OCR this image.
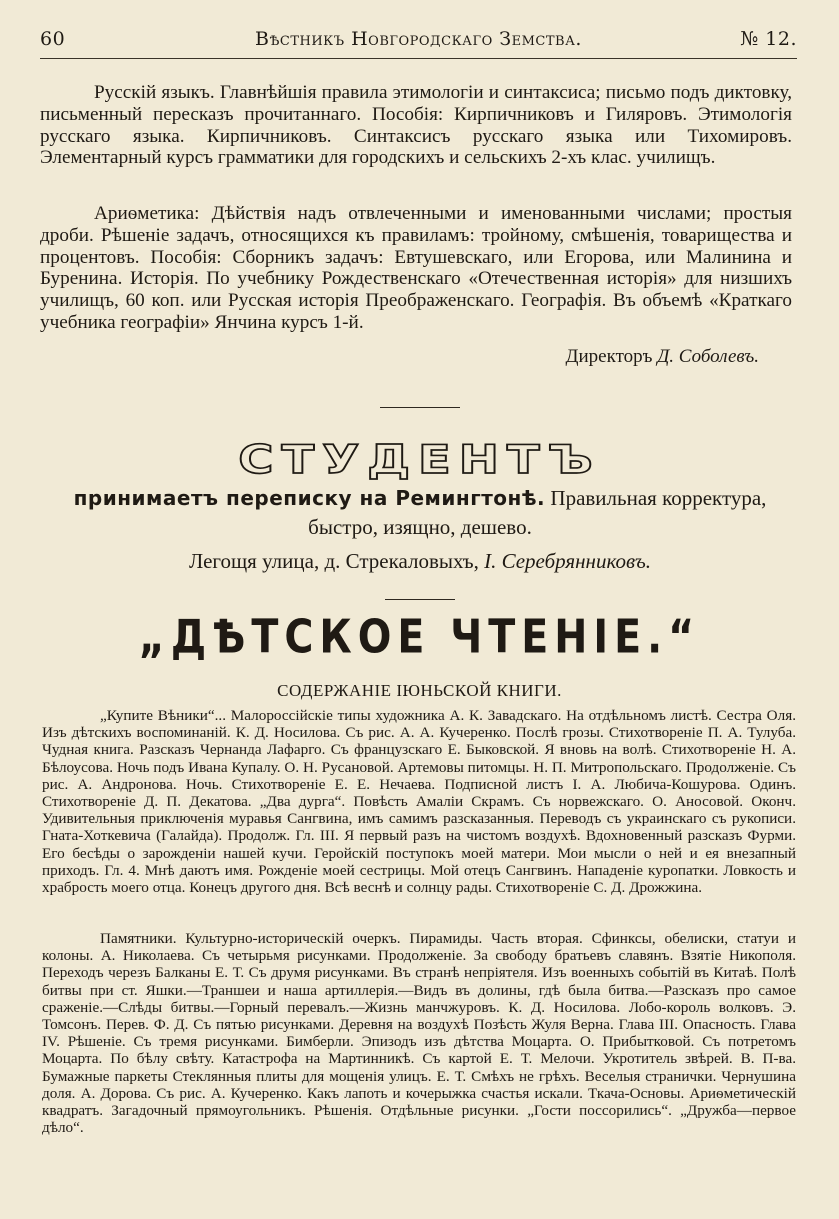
60	Вѣстникъ Новгородскаго Земства.	№ 12.
Русскій языкъ. Главнѣйшія правила этимологіи и синтаксиса; письмо подъ диктовку, письменный пересказъ прочитаннаго. Пособія: Кирпичниковъ и Гиляровъ. Этимологія русскаго языка. Кирпичниковъ. Синтаксисъ русскаго языка или Тихомировъ. Элементарный курсъ грамматики для городскихъ и сельскихъ 2-хъ клас. училищъ.
Ариѳметика: Дѣйствія надъ отвлеченными и именованными числами; простыя дроби. Рѣшеніе задачъ, относящихся къ правиламъ: тройному, смѣшенія, товарищества и процентовъ. Пособія: Сборникъ задачъ: Евтушевскаго, или Егорова, или Малинина и Буренина. Исторія. По учебнику Рождественскаго «Отечественная исторія» для низшихъ училищъ, 60 коп. или Русская исторія Преображенскаго. Географія. Въ объемѣ «Краткаго учебника географіи» Янчина курсъ 1-й.
Директоръ Д. Соболевъ.
СТУДЕНТЪ
принимаетъ переписку на Ремингтонѣ. Правильная корректура,
быстро, изящно, дешево.
Легощя улица, д. Стрекаловыхъ, I. Серебрянниковъ.
„ДѢТСКОЕ ЧТЕНІЕ.“
СОДЕРЖАНІЕ ІЮНЬСКОЙ КНИГИ.
„Купите Вѣники“... Малороссійскіе типы художника А. К. Завадскаго. На отдѣльномъ листѣ. Сестра Оля. Изъ дѣтскихъ воспоминаній. К. Д. Носилова. Съ рис. А. А. Кучеренко. Послѣ грозы. Стихотвореніе П. А. Тулуба. Чудная книга. Разсказъ Чернанда Лафарго. Съ французскаго Е. Быковской. Я вновь на волѣ. Стихотвореніе Н. А. Бѣлоусова. Ночь подъ Ивана Купалу. О. Н. Русановой. Артемовы питомцы. Н. П. Митропольскаго. Продолженіе. Съ рис. А. Андронова. Ночь. Стихотвореніе Е. Е. Нечаева. Подписной листъ І. А. Любича-Кошурова. Одинъ. Стихотвореніе Д. П. Декатова. „Два дурга“. Повѣсть Амаліи Скрамъ. Съ норвежскаго. О. Аносовой. Оконч. Удивительныя приключенія муравья Сангвина, имъ самимъ разсказанныя. Переводъ съ украинскаго съ рукописи. Гната-Хоткевича (Галайда). Продолж. Гл. III. Я первый разъ на чистомъ воздухѣ. Вдохновенный разсказъ Фурми. Его бесѣды о зарожденіи нашей кучи. Геройскій поступокъ моей матери. Мои мысли о ней и ея внезапный приходъ. Гл. 4. Мнѣ даютъ имя. Рожденіе моей сестрицы. Мой отецъ Сангвинъ. Нападеніе куропатки. Ловкость и храбрость моего отца. Конецъ другого дня. Всѣ веснѣ и солнцу рады. Стихотвореніе С. Д. Дрожжина.
Памятники. Культурно-историческій очеркъ. Пирамиды. Часть вторая. Сфинксы, обелиски, статуи и колоны. А. Николаева. Съ четырьмя рисунками. Продолженіе. За свободу братьевъ славянъ. Взятіе Никополя. Переходъ черезъ Балканы Е. Т. Съ друмя рисунками. Въ странѣ непріятеля. Изъ военныхъ событій въ Китаѣ. Полѣ битвы при ст. Яшки.—Траншеи и наша артиллерія.—Видъ въ долины, гдѣ была битва.—Разсказъ про самое сраженіе.—Слѣды битвы.—Горный перевалъ.—Жизнь манчжуровъ. К. Д. Носилова. Лобо-король волковъ. Э. Томсонъ. Перев. Ф. Д. Съ пятью рисунками. Деревня на воздухѣ Позѣсть Жуля Верна. Глава III. Опасность. Глава IV. Рѣшеніе. Съ тремя рисунками. Бимберли. Эпизодъ изъ дѣтства Моцарта. О. Прибытковой. Съ потретомъ Моцарта. По бѣлу свѣту. Катастрофа на Мартинникѣ. Съ картой Е. Т. Мелочи. Укротитель звѣрей. В. П-ва. Бумажные паркеты Стеклянныя плиты для мощенія улицъ. Е. Т. Смѣхъ не грѣхъ. Веселыя странички. Чернушина доля. А. Дорова. Съ рис. А. Кучеренко. Какъ лапоть и кочерыжка счастья искали. Ткача-Основы. Ариѳметическій квадратъ. Загадочный прямоугольникъ. Рѣшенія. Отдѣльные рисунки. „Гости поссорились“. „Дружба—первое дѣло“.
